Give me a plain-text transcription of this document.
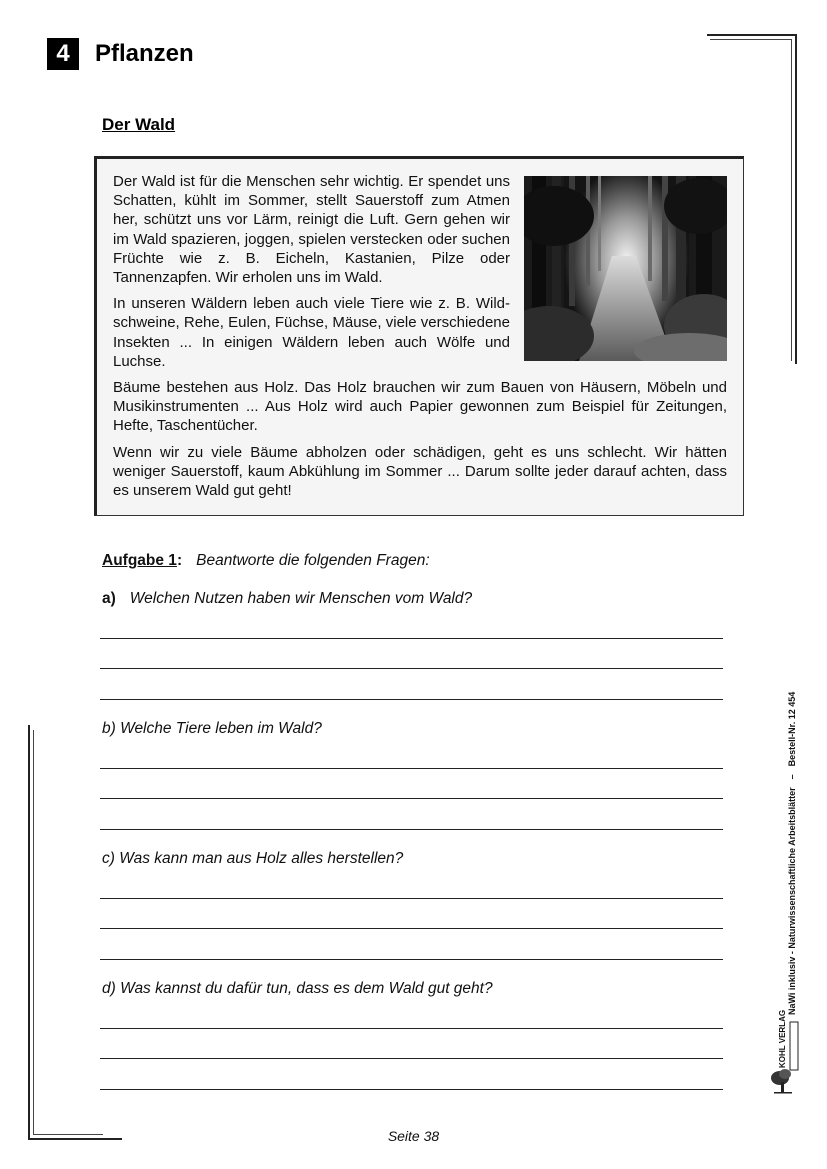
4	Pflanzen
Der Wald

Der Wald ist für die Menschen sehr wichtig. Er spendet uns Schatten, kühlt im Sommer, stellt Sauerstoff zum Atmen her, schützt uns vor Lärm, reinigt die Luft. Gern gehen wir im Wald spazieren, joggen, spielen verstecken oder suchen Früchte wie z. B. Eicheln, Kastanien, Pilze oder Tannenzapfen. Wir erholen uns im Wald.

In unseren Wäldern leben auch viele Tiere wie z. B. Wildschweine, Rehe, Eulen, Füchse, Mäuse, viele verschiedene Insekten ... In einigen Wäldern leben auch Wölfe und Luchse.

Bäume bestehen aus Holz. Das Holz brauchen wir zum Bauen von Häusern, Möbeln und Musikinstrumenten ... Aus Holz wird auch Papier gewonnen zum Beispiel für Zeitungen, Hefte, Taschentücher.

Wenn wir zu viele Bäume abholzen oder schädigen, geht es uns schlecht. Wir hätten weniger Sauerstoff, kaum Abkühlung im Sommer ... Darum sollte jeder darauf achten, dass es unserem Wald gut geht!

Aufgabe 1: Beantworte die folgenden Fragen:
a) Welchen Nutzen haben wir Menschen vom Wald?
b) Welche Tiere leben im Wald?
c) Was kann man aus Holz alles herstellen?
d) Was kannst du dafür tun, dass es dem Wald gut geht?
Seite 38
NaWi inklusiv - Naturwissenschaftliche Arbeitsblätter–Bestell-Nr. 12 454
KOHL VERLAG
